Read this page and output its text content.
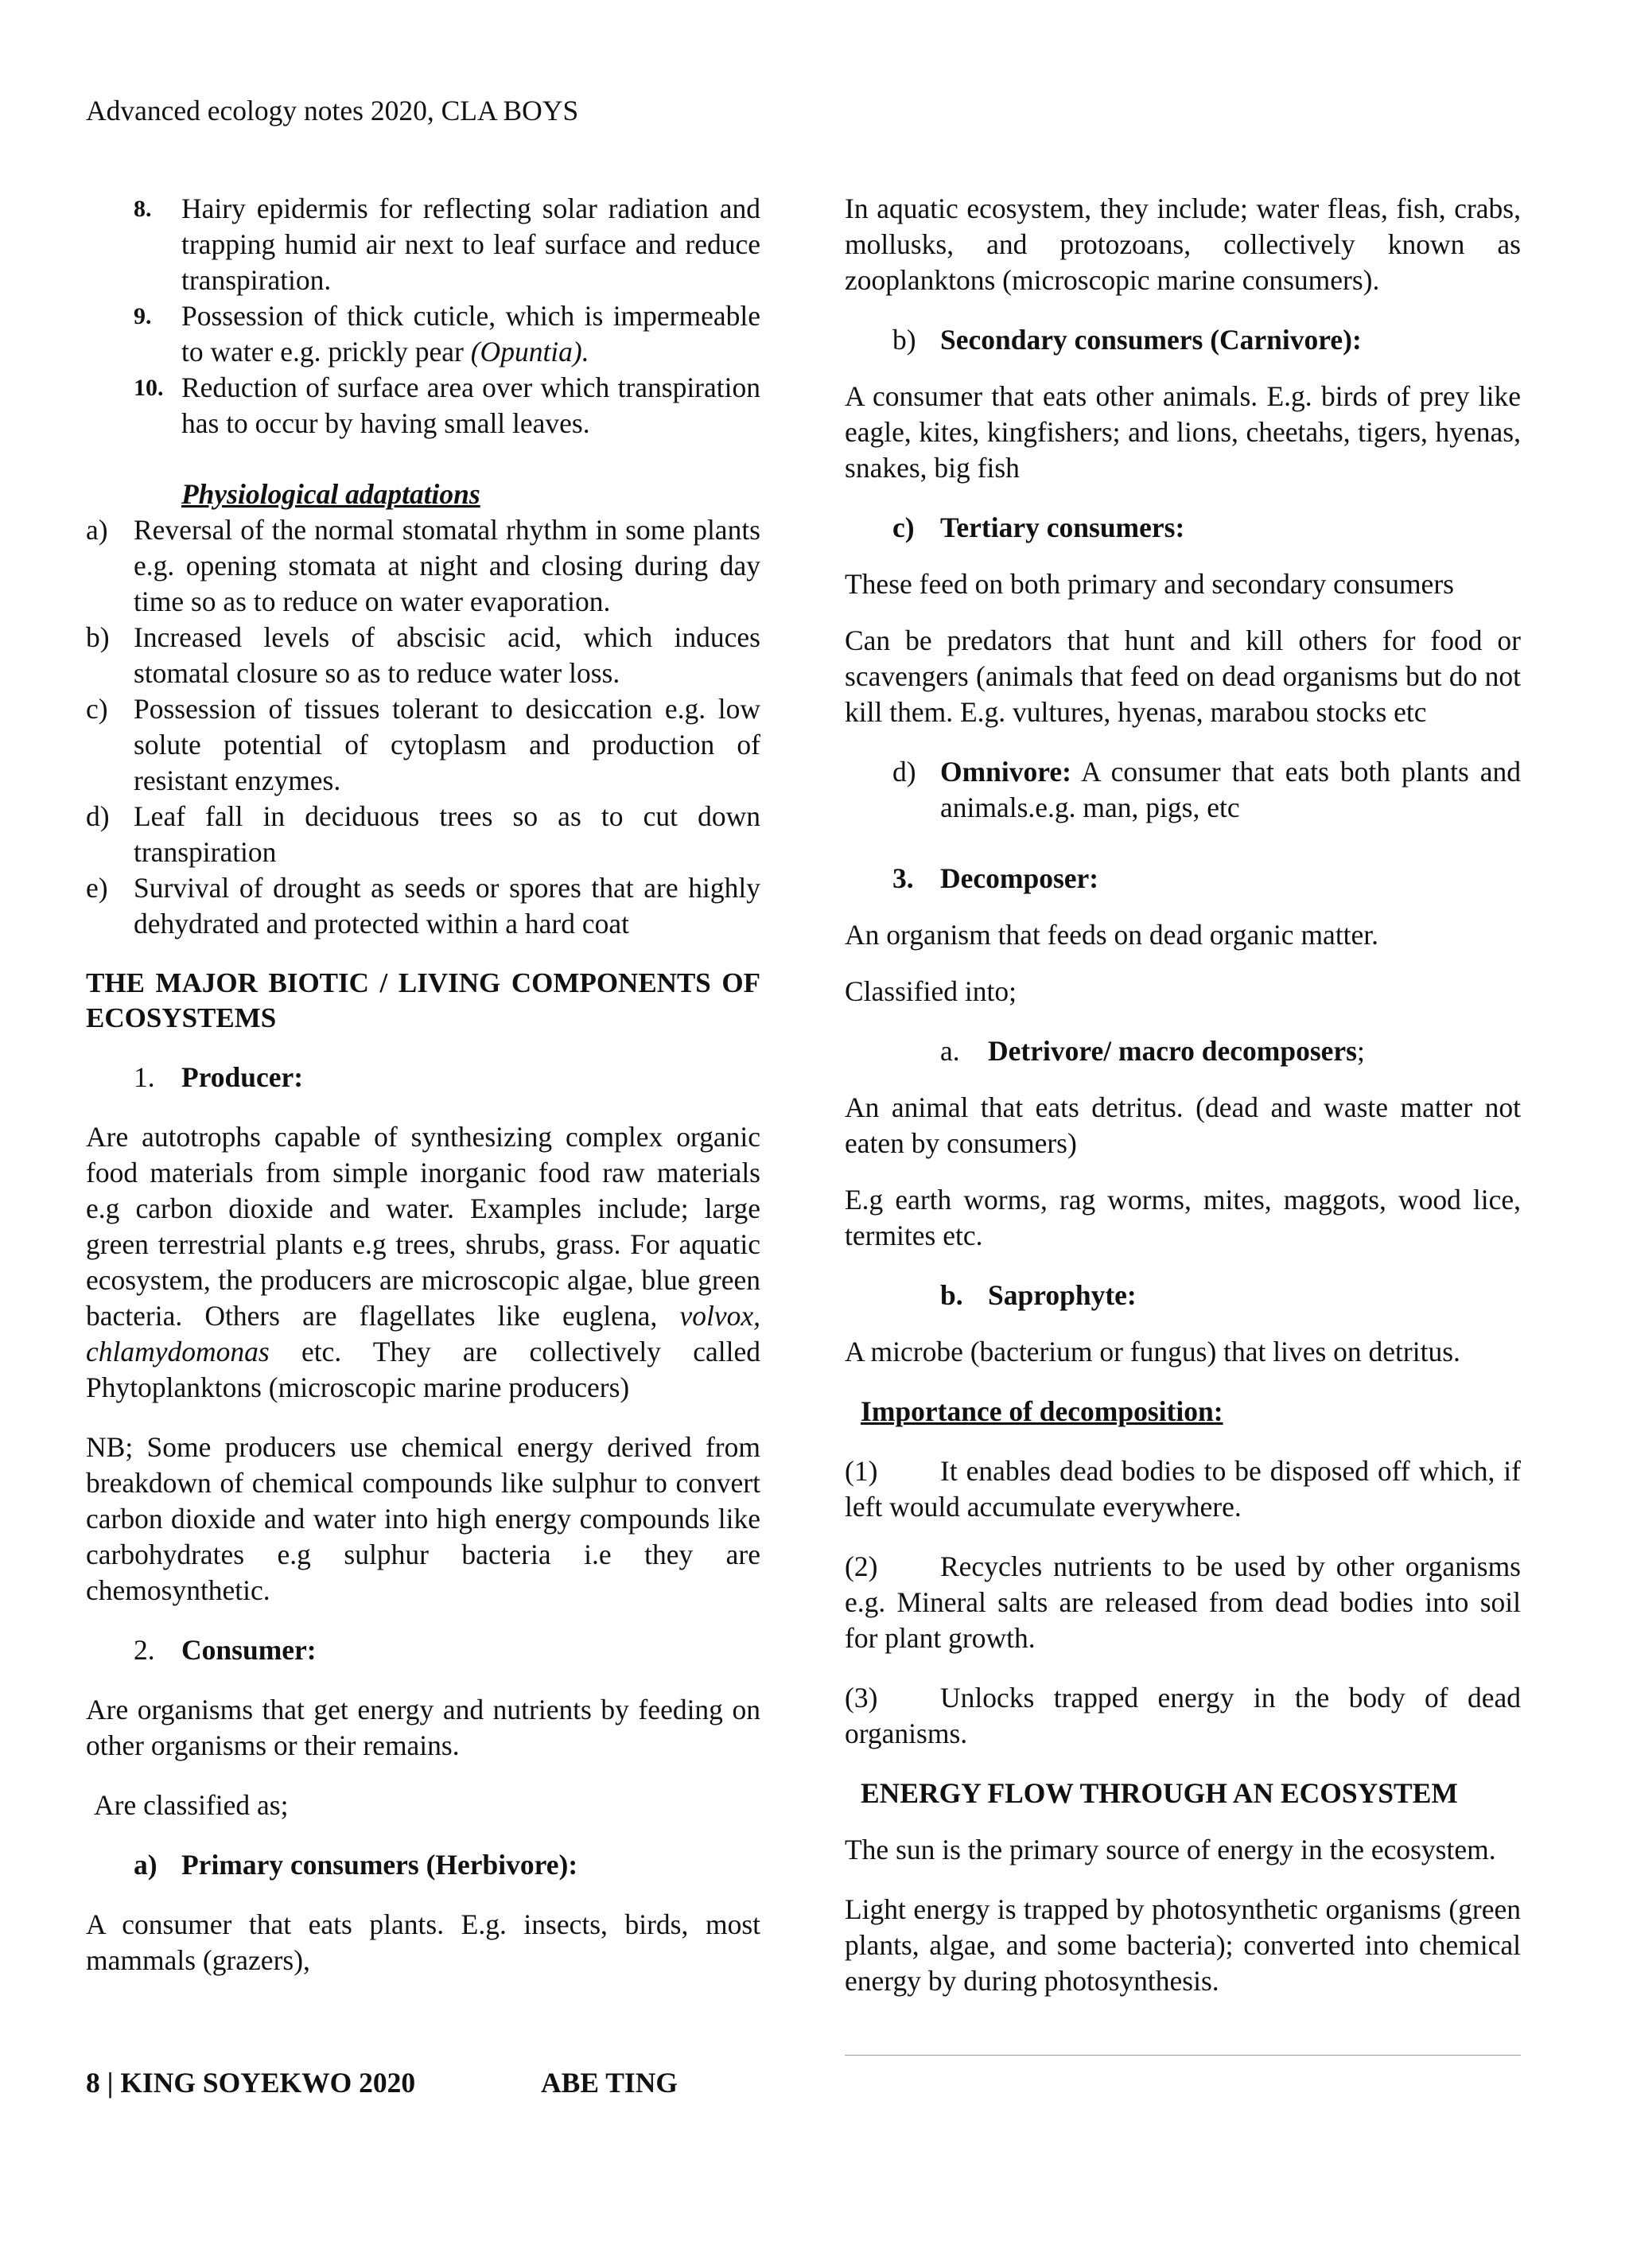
Advanced ecology notes 2020, CLA BOYS
8. Hairy epidermis for reflecting solar radiation and trapping humid air next to leaf surface and reduce transpiration.
9. Possession of thick cuticle, which is impermeable to water e.g. prickly pear (Opuntia).
10. Reduction of surface area over which transpiration has to occur by having small leaves.

Physiological adaptations

a) Reversal of the normal stomatal rhythm in some plants e.g. opening stomata at night and closing during day time so as to reduce on water evaporation.
b) Increased levels of abscisic acid, which induces stomatal closure so as to reduce water loss.
c) Possession of tissues tolerant to desiccation e.g. low solute potential of cytoplasm and production of resistant enzymes.
d) Leaf fall in deciduous trees so as to cut down transpiration
e) Survival of drought as seeds or spores that are highly dehydrated and protected within a hard coat

THE MAJOR BIOTIC / LIVING COMPONENTS OF ECOSYSTEMS

1. Producer:

Are autotrophs capable of synthesizing complex organic food materials from simple inorganic food raw materials e.g carbon dioxide and water. Examples include; large green terrestrial plants e.g trees, shrubs, grass. For aquatic ecosystem, the producers are microscopic algae, blue green bacteria. Others are flagellates like euglena, volvox, chlamydomonas etc. They are collectively called Phytoplanktons (microscopic marine producers)

NB; Some producers use chemical energy derived from breakdown of chemical compounds like sulphur to convert carbon dioxide and water into high energy compounds like carbohydrates e.g sulphur bacteria i.e they are chemosynthetic.

2. Consumer:

Are organisms that get energy and nutrients by feeding on other organisms or their remains.

Are classified as;

a) Primary consumers (Herbivore):

A consumer that eats plants. E.g. insects, birds, most mammals (grazers),

In aquatic ecosystem, they include; water fleas, fish, crabs, mollusks, and protozoans, collectively known as zooplanktons (microscopic marine consumers).

b) Secondary consumers (Carnivore):

A consumer that eats other animals. E.g. birds of prey like eagle, kites, kingfishers; and lions, cheetahs, tigers, hyenas, snakes, big fish

c) Tertiary consumers:

These feed on both primary and secondary consumers

Can be predators that hunt and kill others for food or scavengers (animals that feed on dead organisms but do not kill them. E.g. vultures, hyenas, marabou stocks etc

d) Omnivore: A consumer that eats both plants and animals.e.g. man, pigs, etc

3. Decomposer:

An organism that feeds on dead organic matter.

Classified into;

a. Detrivore/ macro decomposers;

An animal that eats detritus. (dead and waste matter not eaten by consumers)

E.g earth worms, rag worms, mites, maggots, wood lice, termites etc.

b. Saprophyte:

A microbe (bacterium or fungus) that lives on detritus.

Importance of decomposition:

(1) It enables dead bodies to be disposed off which, if left would accumulate everywhere.

(2) Recycles nutrients to be used by other organisms e.g. Mineral salts are released from dead bodies into soil for plant growth.

(3) Unlocks trapped energy in the body of dead organisms.

ENERGY FLOW THROUGH AN ECOSYSTEM

The sun is the primary source of energy in the ecosystem.

Light energy is trapped by photosynthetic organisms (green plants, algae, and some bacteria); converted into chemical energy by during photosynthesis.

8 | KING SOYEKWO 2020	ABE TING
